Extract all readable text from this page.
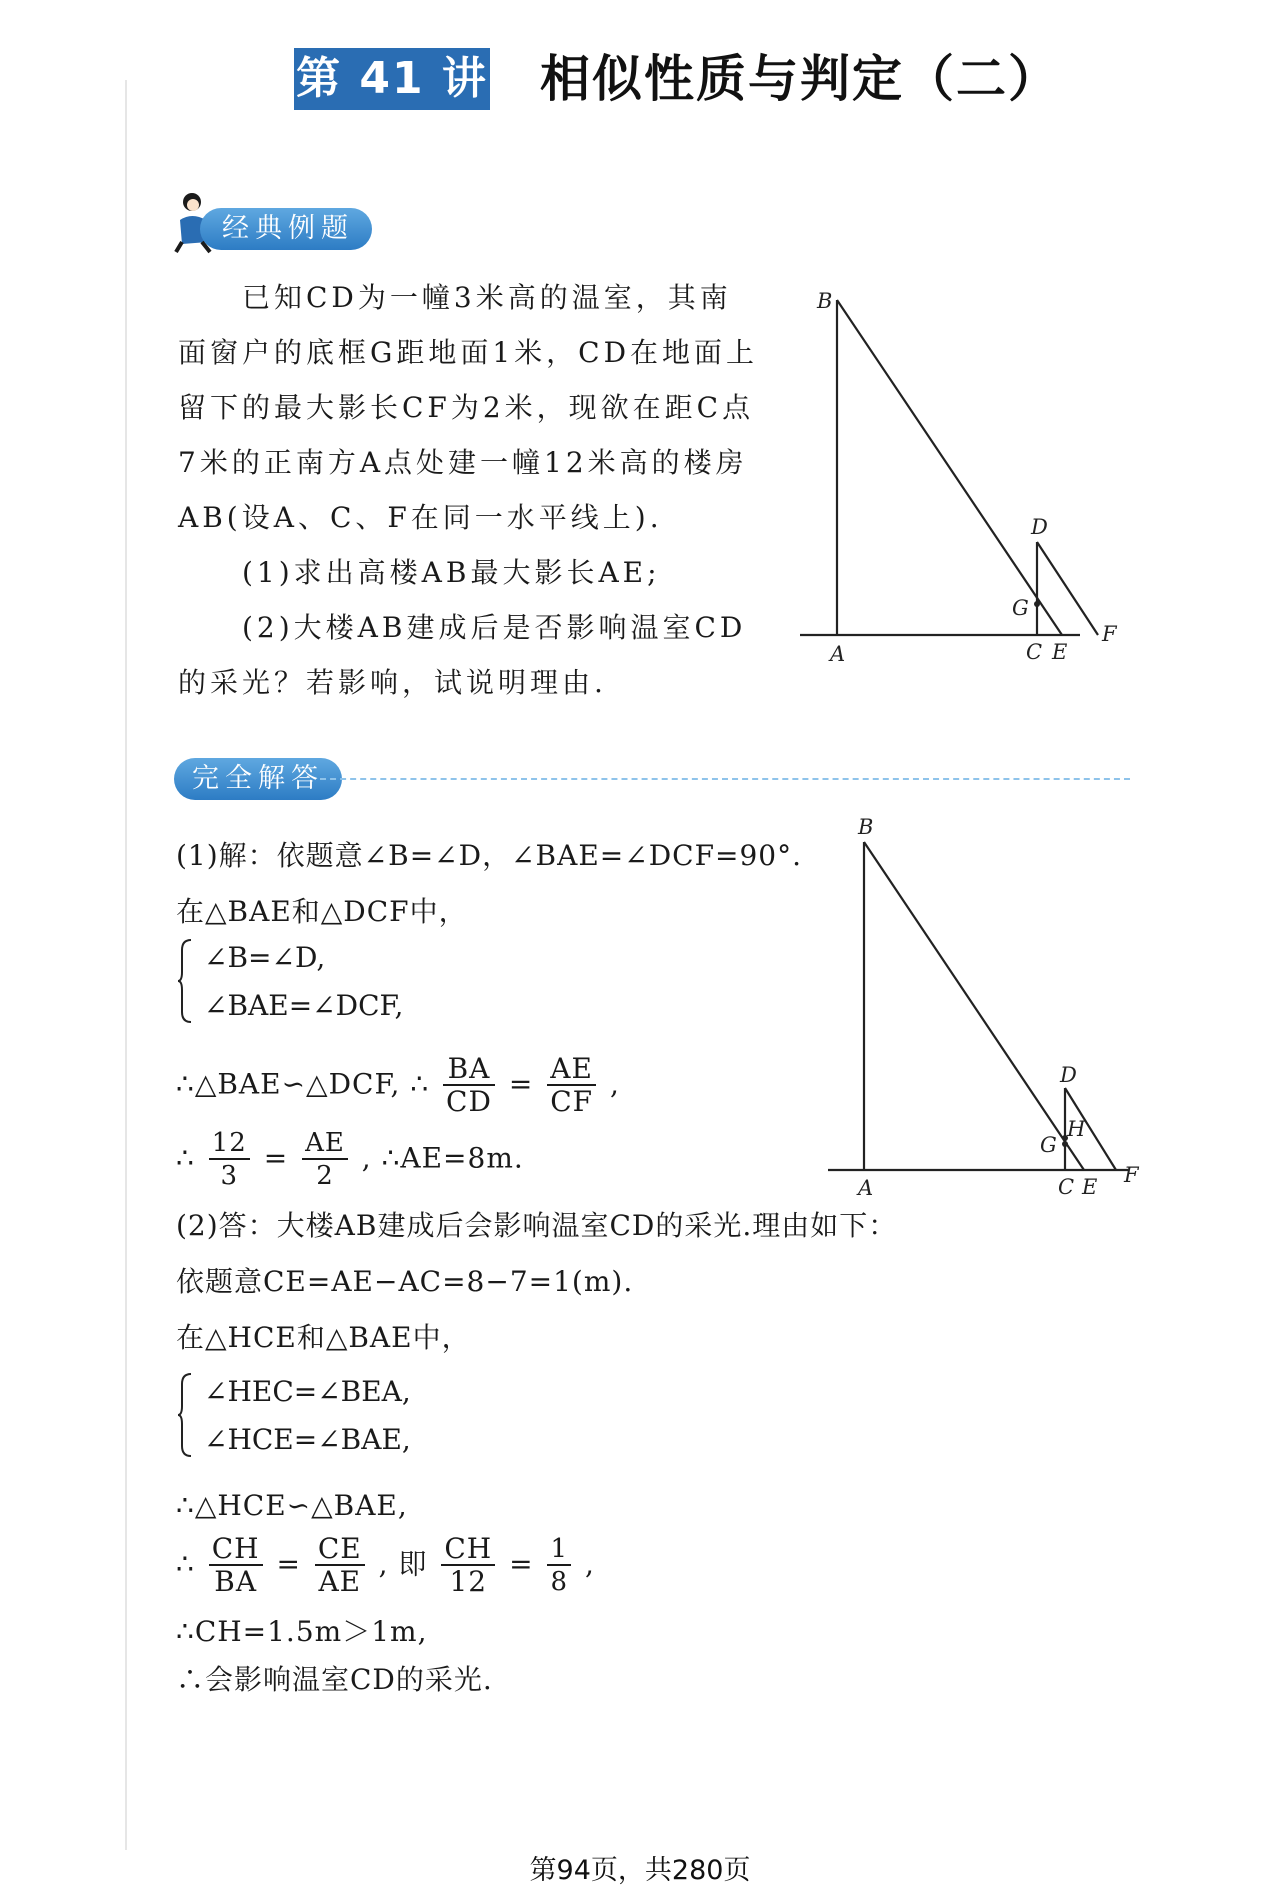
第 41 讲 相似性质与判定（二）
经典例题
已知CD为一幢3米高的温室，其南
面窗户的底框G距地面1米，CD在地面上
留下的最大影长CF为2米，现欲在距C点
7米的正南方A点处建一幢12米高的楼房
AB(设A、C、F在同一水平线上).
(1)求出高楼AB最大影长AE;
(2)大楼AB建成后是否影响温室CD
的采光？若影响，试说明理由.
B
D
G
A	C E
F
完全解答
B
D
H
G
A	C E F
(1)解：依题意∠B=∠D，∠BAE=∠DCF=90°.
在△BAE和△DCF中，
∠B=∠D,
∠BAE=∠DCF,
∴△BAE∽△DCF, ∴ $\frac{BA}{CD} = \frac{AE}{CF}$ ,
∴ $\frac{12}{3} = \frac{AE}{2}$ , ∴AE=8m.
(2)答：大楼AB建成后会影响温室CD的采光.理由如下：
依题意CE=AE−AC=8−7=1(m).
在△HCE和△BAE中，
∠HEC=∠BEA,
∠HCE=∠BAE,
∴△HCE∽△BAE,
∴ $\frac{CH}{BA} = \frac{CE}{AE}$ , 即 $\frac{CH}{12} = \frac{1}{8}$ ,
∴CH=1.5m＞1m,
∴会影响温室CD的采光.
第94页，共280页
